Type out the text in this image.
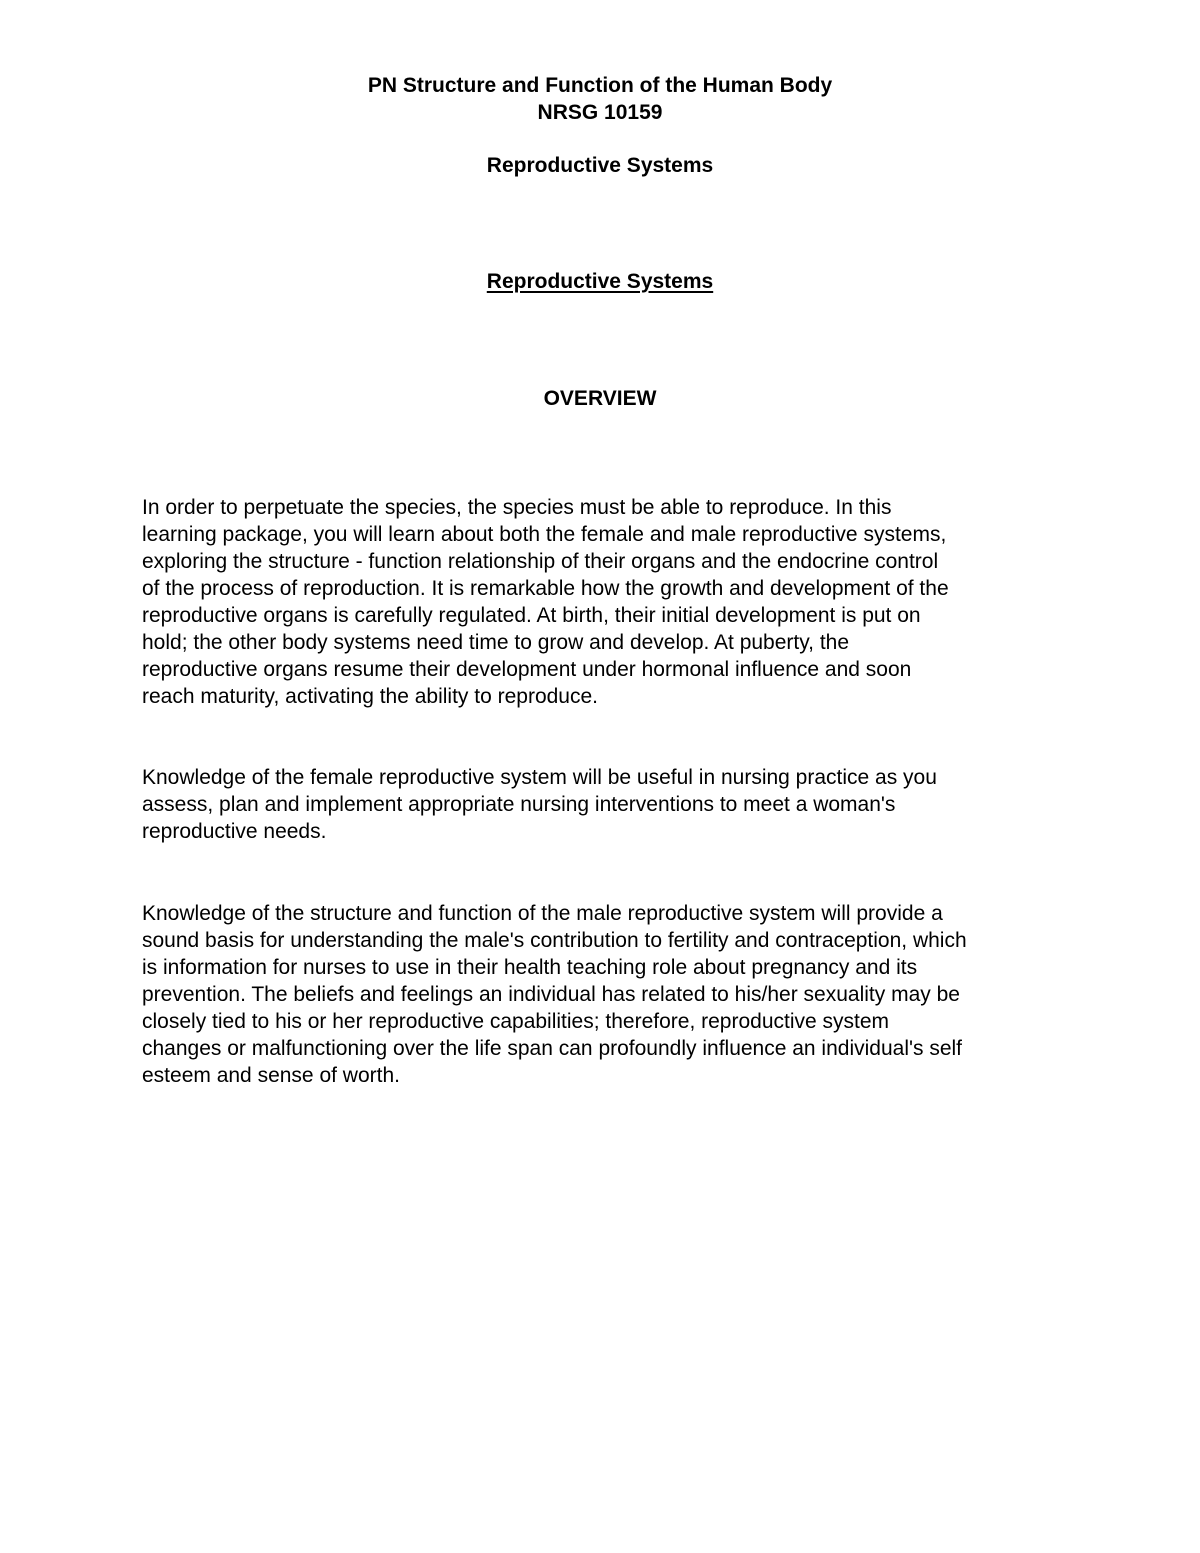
PN Structure and Function of the Human Body

NRSG 10159

Reproductive Systems

Reproductive Systems

OVERVIEW

In order to perpetuate the species, the species must be able to reproduce. In this
learning package, you will learn about both the female and male reproductive systems,
exploring the structure - function relationship of their organs and the endocrine control
of the process of reproduction. It is remarkable how the growth and development of the
reproductive organs is carefully regulated. At birth, their initial development is put on
hold; the other body systems need time to grow and develop. At puberty, the
reproductive organs resume their development under hormonal influence and soon
reach maturity, activating the ability to reproduce.

Knowledge of the female reproductive system will be useful in nursing practice as you
assess, plan and implement appropriate nursing interventions to meet a woman's
reproductive needs.

Knowledge of the structure and function of the male reproductive system will provide a
sound basis for understanding the male's contribution to fertility and contraception, which
is information for nurses to use in their health teaching role about pregnancy and its
prevention. The beliefs and feelings an individual has related to his/her sexuality may be
closely tied to his or her reproductive capabilities; therefore, reproductive system
changes or malfunctioning over the life span can profoundly influence an individual's self
esteem and sense of worth.
